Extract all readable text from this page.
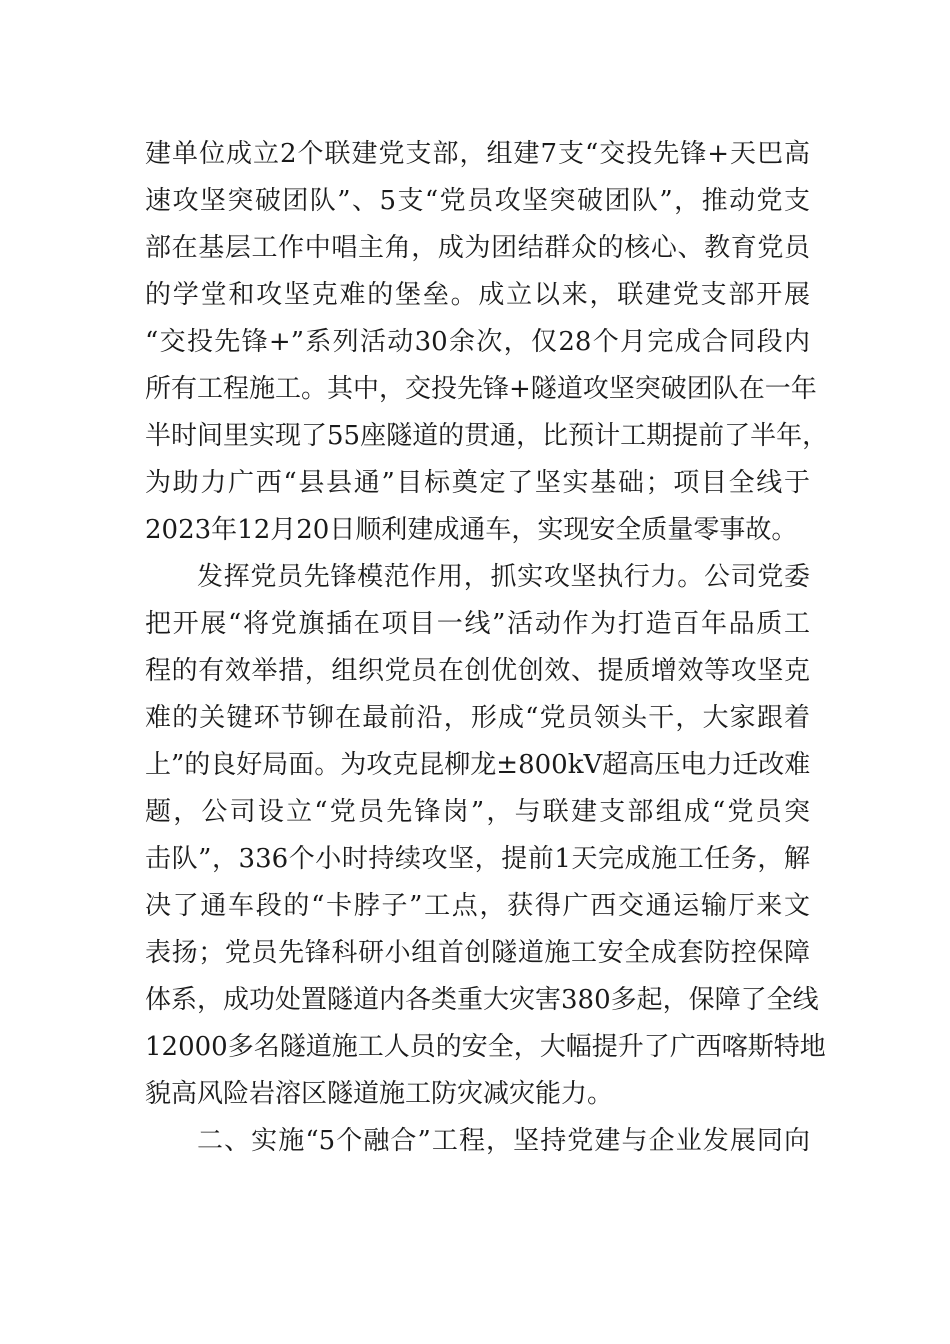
建单位成立2个联建党支部，组建7支“交投先锋+天巴高
速攻坚突破团队”、5支“党员攻坚突破团队”，推动党支
部在基层工作中唱主角，成为团结群众的核心、教育党员
的学堂和攻坚克难的堡垒。成立以来，联建党支部开展
“交投先锋+”系列活动30余次，仅28个月完成合同段内
所有工程施工。其中，交投先锋+隧道攻坚突破团队在一年
半时间里实现了55座隧道的贯通，比预计工期提前了半年，
为助力广西“县县通”目标奠定了坚实基础；项目全线于
2023年12月20日顺利建成通车，实现安全质量零事故。
发挥党员先锋模范作用，抓实攻坚执行力。公司党委
把开展“将党旗插在项目一线”活动作为打造百年品质工
程的有效举措，组织党员在创优创效、提质增效等攻坚克
难的关键环节铆在最前沿，形成“党员领头干，大家跟着
上”的良好局面。为攻克昆柳龙±800kV超高压电力迁改难
题，公司设立“党员先锋岗”，与联建支部组成“党员突
击队”，336个小时持续攻坚，提前1天完成施工任务，解
决了通车段的“卡脖子”工点，获得广西交通运输厅来文
表扬；党员先锋科研小组首创隧道施工安全成套防控保障
体系，成功处置隧道内各类重大灾害380多起，保障了全线
12000多名隧道施工人员的安全，大幅提升了广西喀斯特地
貌高风险岩溶区隧道施工防灾减灾能力。
二、实施“5个融合”工程，坚持党建与企业发展同向
